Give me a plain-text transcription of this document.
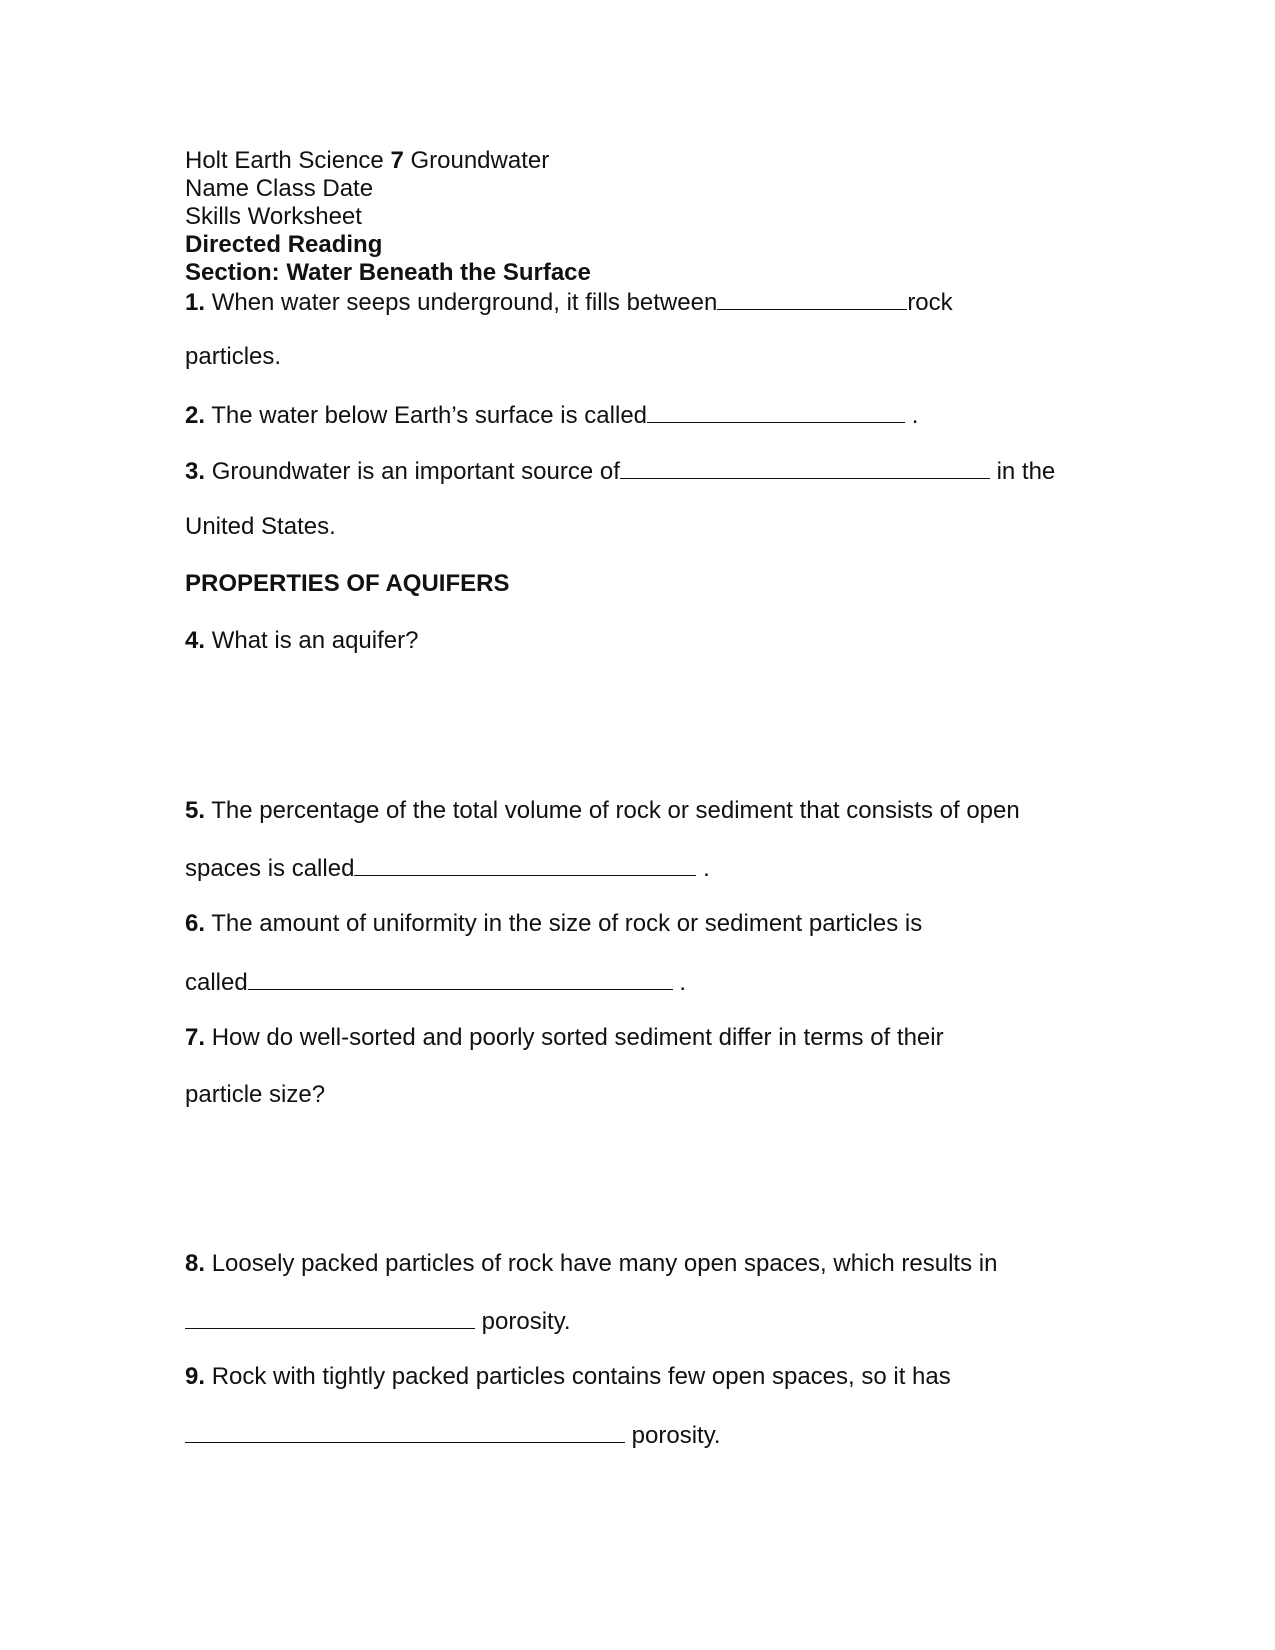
Holt Earth Science 7 Groundwater
Name Class Date
Skills Worksheet
Directed Reading
Section: Water Beneath the Surface
1. When water seeps underground, it fills between	rock
particles.
2. The water below Earth’s surface is called	.
3. Groundwater is an important source of	in the
United States.
PROPERTIES OF AQUIFERS
4. What is an aquifer?
5. The percentage of the total volume of rock or sediment that consists of open
spaces is called	.
6. The amount of uniformity in the size of rock or sediment particles is
called	.
7. How do well-sorted and poorly sorted sediment differ in terms of their
particle size?
8. Loosely packed particles of rock have many open spaces, which results in
porosity.
9. Rock with tightly packed particles contains few open spaces, so it has
porosity.
